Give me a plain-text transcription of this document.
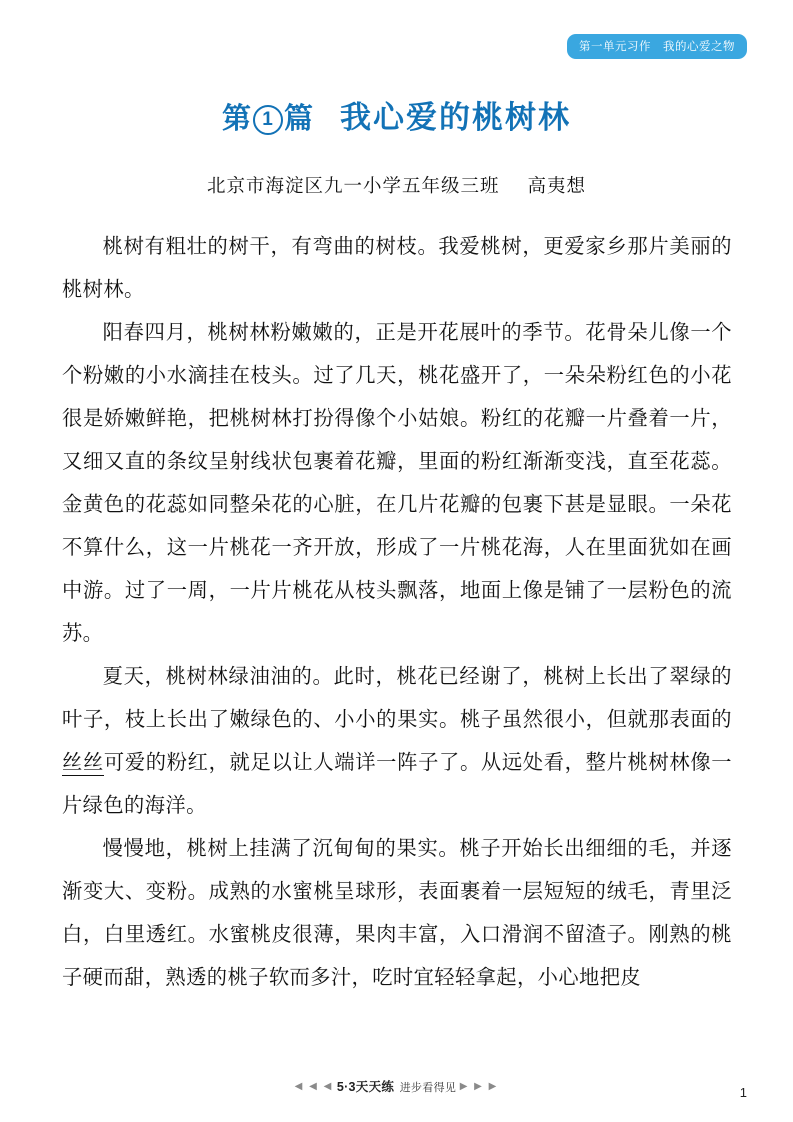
第一单元习作　我的心爱之物
第 1 篇 我心爱的桃树林
北京市海淀区九一小学五年级三班 高夷想

桃树有粗壮的树干，有弯曲的树枝。我爱桃树，更爱家乡那片美丽的桃树林。

阳春四月，桃树林粉嫩嫩的，正是开花展叶的季节。花骨朵儿像一个个粉嫩的小水滴挂在枝头。过了几天，桃花盛开了，一朵朵粉红色的小花很是娇嫩鲜艳，把桃树林打扮得像个小姑娘。粉红的花瓣一片叠着一片，又细又直的条纹呈射线状包裹着花瓣，里面的粉红渐渐变浅，直至花蕊。金黄色的花蕊如同整朵花的心脏，在几片花瓣的包裹下甚是显眼。一朵花不算什么，这一片桃花一齐开放，形成了一片桃花海，人在里面犹如在画中游。过了一周，一片片桃花从枝头飘落，地面上像是铺了一层粉色的流苏。

夏天，桃树林绿油油的。此时，桃花已经谢了，桃树上长出了翠绿的叶子，枝上长出了嫩绿色的、小小的果实。桃子虽然很小，但就那表面的丝丝可爱的粉红，就足以让人端详一阵子了。从远处看，整片桃树林像一片绿色的海洋。

慢慢地，桃树上挂满了沉甸甸的果实。桃子开始长出细细的毛，并逐渐变大、变粉。成熟的水蜜桃呈球形，表面裹着一层短短的绒毛，青里泛白，白里透红。水蜜桃皮很薄，果肉丰富，入口滑润不留渣子。刚熟的桃子硬而甜，熟透的桃子软而多汁，吃时宜轻轻拿起，小心地把皮

◀ ◀ ◀ 5·3天天练 进步看得见 ▶ ▶ ▶	1
